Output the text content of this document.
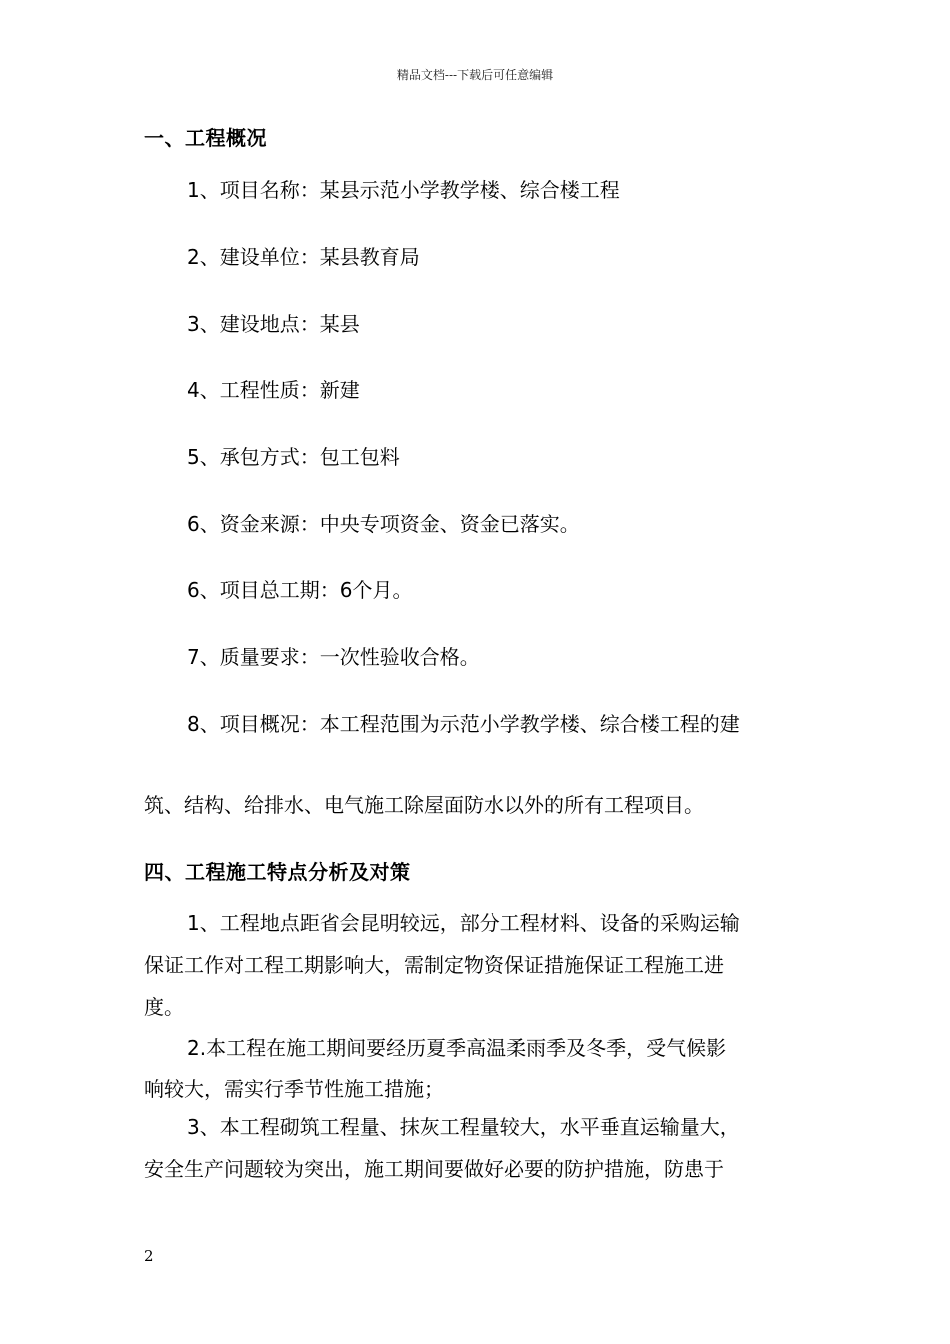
精品文档---下载后可任意编辑
一、工程概况
1、项目名称：某县示范小学教学楼、综合楼工程
2、建设单位：某县教育局
3、建设地点：某县
4、工程性质：新建
5、承包方式：包工包料
6、资金来源：中央专项资金、资金已落实。
6、项目总工期：6个月。
7、质量要求：一次性验收合格。
8、项目概况：本工程范围为示范小学教学楼、综合楼工程的建
筑、结构、给排水、电气施工除屋面防水以外的所有工程项目。
四、工程施工特点分析及对策
1、工程地点距省会昆明较远，部分工程材料、设备的采购运输
保证工作对工程工期影响大，需制定物资保证措施保证工程施工进
度。
2.本工程在施工期间要经历夏季高温柔雨季及冬季，受气候影
响较大，需实行季节性施工措施；
3、本工程砌筑工程量、抹灰工程量较大，水平垂直运输量大，
安全生产问题较为突出，施工期间要做好必要的防护措施，防患于
2
